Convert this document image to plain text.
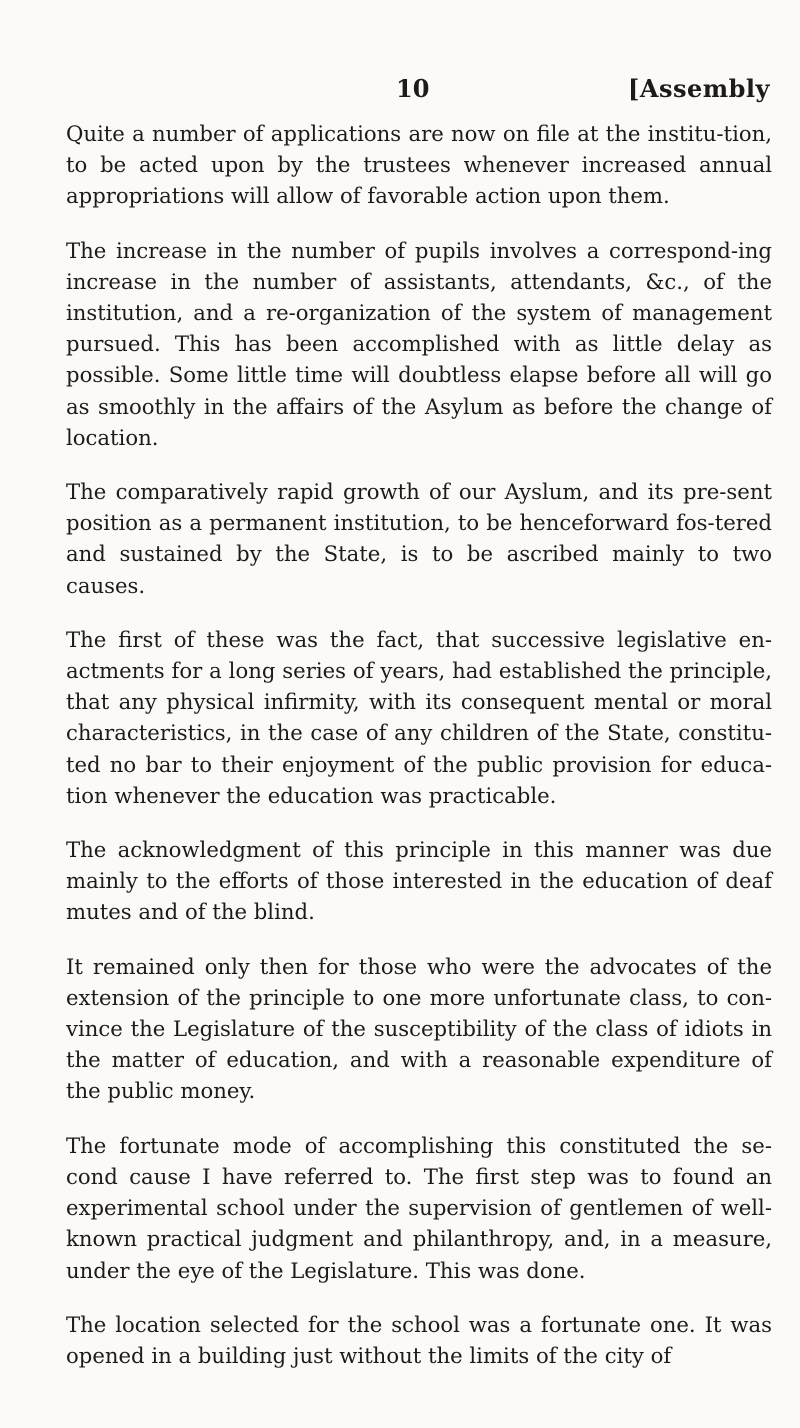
10	[Assembly

Quite a number of applications are now on file at the institu-tion, to be acted upon by the trustees whenever increased annual appropriations will allow of favorable action upon them.

The increase in the number of pupils involves a correspond-ing increase in the number of assistants, attendants, &c., of the institution, and a re-organization of the system of management pursued. This has been accomplished with as little delay as possible. Some little time will doubtless elapse before all will go as smoothly in the affairs of the Asylum as before the change of location.

The comparatively rapid growth of our Ayslum, and its pre-sent position as a permanent institution, to be henceforward fos-tered and sustained by the State, is to be ascribed mainly to two causes.

The first of these was the fact, that successive legislative en-actments for a long series of years, had established the principle, that any physical infirmity, with its consequent mental or moral characteristics, in the case of any children of the State, constitu-ted no bar to their enjoyment of the public provision for educa-tion whenever the education was practicable.

The acknowledgment of this principle in this manner was due mainly to the efforts of those interested in the education of deaf mutes and of the blind.

It remained only then for those who were the advocates of the extension of the principle to one more unfortunate class, to con-vince the Legislature of the susceptibility of the class of idiots in the matter of education, and with a reasonable expenditure of the public money.

The fortunate mode of accomplishing this constituted the se-cond cause I have referred to. The first step was to found an experimental school under the supervision of gentlemen of well-known practical judgment and philanthropy, and, in a measure, under the eye of the Legislature. This was done.

The location selected for the school was a fortunate one. It was opened in a building just without the limits of the city of
